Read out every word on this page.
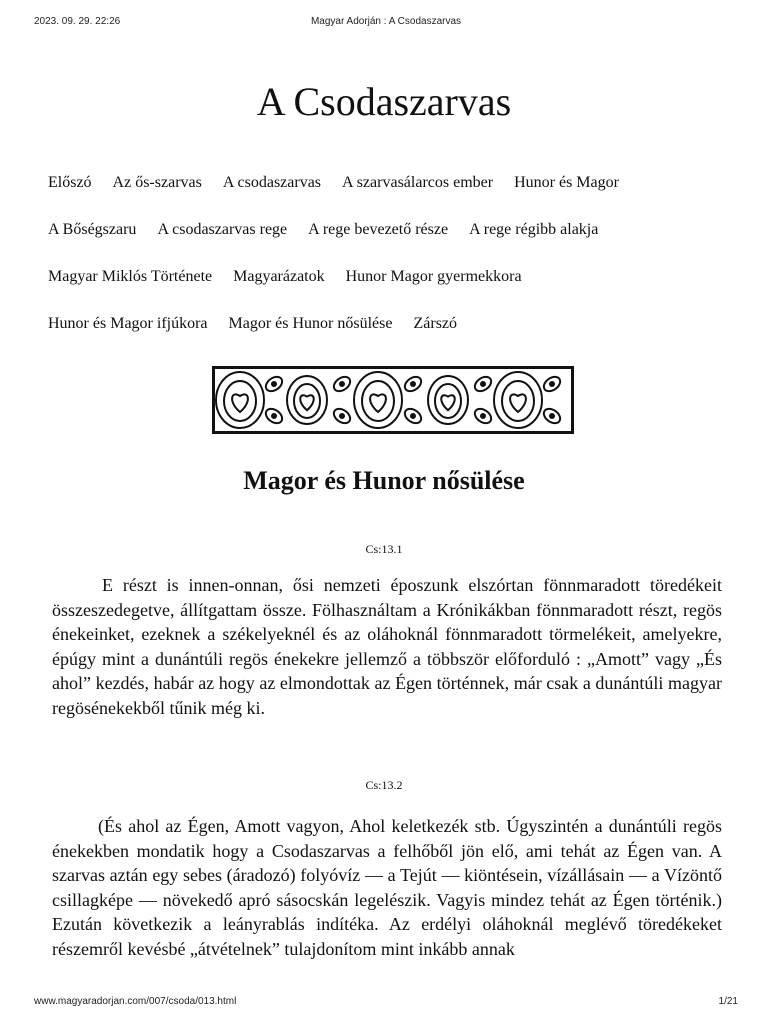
2023. 09. 29. 22:26	Magyar Adorján : A Csodaszarvas
A Csodaszarvas
Előszó Az ős-szarvas A csodaszarvas A szarvasálarcos ember Hunor és Magor
A Bőségszaru A csodaszarvas rege A rege bevezető része A rege régibb alakja
Magyar Miklós Története Magyarázatok Hunor Magor gyermekkora
Hunor és Magor ifjúkora Magor és Hunor nősülése Zárszó
Magor és Hunor nősülése
Cs:13.1

E részt is innen-onnan, ősi nemzeti époszunk elszórtan fönnmaradott töredékeit összeszedegetve, állítgattam össze. Fölhasználtam a Krónikákban fönnmaradott részt, regös énekeinket, ezeknek a székelyeknél és az oláhoknál fönnmaradott törmelékeit, amelyekre, épúgy mint a dunántúli regös énekekre jellemző a többször előforduló : „Amott” vagy „És ahol” kezdés, habár az hogy az elmondottak az Égen történnek, már csak a dunántúli magyar regösénekekből tűnik még ki.

Cs:13.2

(És ahol az Égen, Amott vagyon, Ahol keletkezék stb. Úgyszintén a dunántúli regös énekekben mondatik hogy a Csodaszarvas a felhőből jön elő, ami tehát az Égen van. A szarvas aztán egy sebes (áradozó) folyóvíz — a Tejút — kiöntésein, vízállásain — a Vízöntő csillagképe — növekedő apró sásocskán legelészik. Vagyis mindez tehát az Égen történik.) Ezután következik a leányrablás indítéka. Az erdélyi oláhoknál meglévő töredékeket részemről kevésbé „átvételnek” tulajdonítom mint inkább annak

www.magyaradorjan.com/007/csoda/013.html	1/21
